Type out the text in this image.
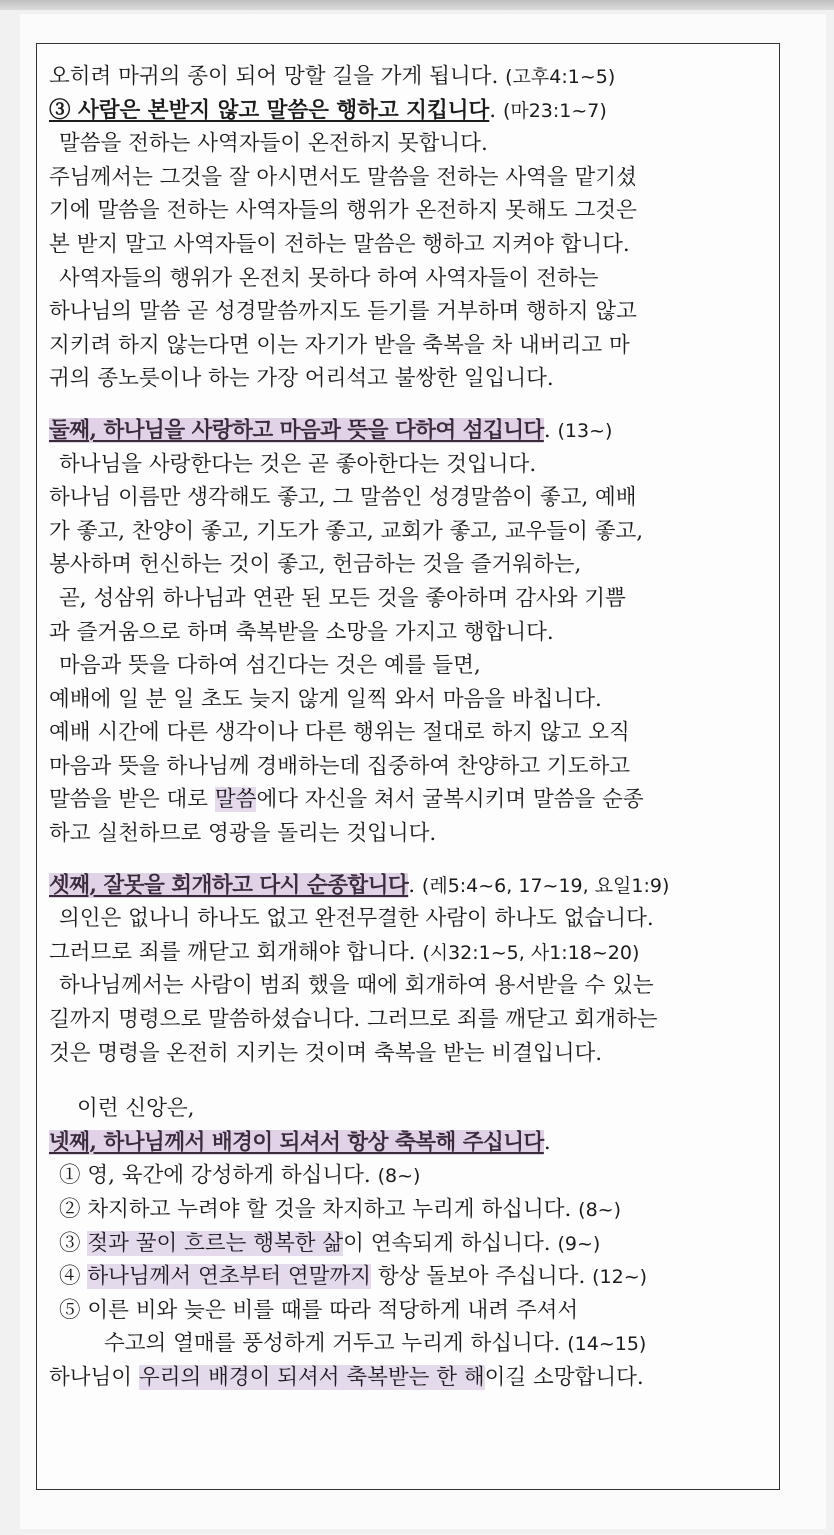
오히려 마귀의 종이 되어 망할 길을 가게 됩니다. (고후4:1~5)
③ 사람은 본받지 않고 말씀은 행하고 지킵니다. (마23:1~7)
말씀을 전하는 사역자들이 온전하지 못합니다.
주님께서는 그것을 잘 아시면서도 말씀을 전하는 사역을 맡기셨
기에 말씀을 전하는 사역자들의 행위가 온전하지 못해도 그것은
본 받지 말고 사역자들이 전하는 말씀은 행하고 지켜야 합니다.
사역자들의 행위가 온전치 못하다 하여 사역자들이 전하는
하나님의 말씀 곧 성경말씀까지도 듣기를 거부하며 행하지 않고
지키려 하지 않는다면 이는 자기가 받을 축복을 차 내버리고 마
귀의 종노릇이나 하는 가장 어리석고 불쌍한 일입니다.
둘째, 하나님을 사랑하고 마음과 뜻을 다하여 섬깁니다. (13~)
하나님을 사랑한다는 것은 곧 좋아한다는 것입니다.
하나님 이름만 생각해도 좋고, 그 말씀인 성경말씀이 좋고, 예배
가 좋고, 찬양이 좋고, 기도가 좋고, 교회가 좋고, 교우들이 좋고,
봉사하며 헌신하는 것이 좋고, 헌금하는 것을 즐거워하는,
곧, 성삼위 하나님과 연관 된 모든 것을 좋아하며 감사와 기쁨
과 즐거움으로 하며 축복받을 소망을 가지고 행합니다.
마음과 뜻을 다하여 섬긴다는 것은 예를 들면,
예배에 일 분 일 초도 늦지 않게 일찍 와서 마음을 바칩니다.
예배 시간에 다른 생각이나 다른 행위는 절대로 하지 않고 오직
마음과 뜻을 하나님께 경배하는데 집중하여 찬양하고 기도하고
말씀을 받은 대로 말씀에다 자신을 쳐서 굴복시키며 말씀을 순종
하고 실천하므로 영광을 돌리는 것입니다.
셋째, 잘못을 회개하고 다시 순종합니다. (레5:4~6, 17~19, 요일1:9)
의인은 없나니 하나도 없고 완전무결한 사람이 하나도 없습니다.
그러므로 죄를 깨닫고 회개해야 합니다. (시32:1~5, 사1:18~20)
하나님께서는 사람이 범죄 했을 때에 회개하여 용서받을 수 있는
길까지 명령으로 말씀하셨습니다. 그러므로 죄를 깨닫고 회개하는
것은 명령을 온전히 지키는 것이며 축복을 받는 비결입니다.
이런 신앙은,
넷째, 하나님께서 배경이 되셔서 항상 축복해 주십니다.
① 영, 육간에 강성하게 하십니다. (8~)
② 차지하고 누려야 할 것을 차지하고 누리게 하십니다. (8~)
③ 젖과 꿀이 흐르는 행복한 삶이 연속되게 하십니다. (9~)
④ 하나님께서 연초부터 연말까지 항상 돌보아 주십니다. (12~)
⑤ 이른 비와 늦은 비를 때를 따라 적당하게 내려 주셔서
수고의 열매를 풍성하게 거두고 누리게 하십니다. (14~15)
하나님이 우리의 배경이 되셔서 축복받는 한 해이길 소망합니다.
